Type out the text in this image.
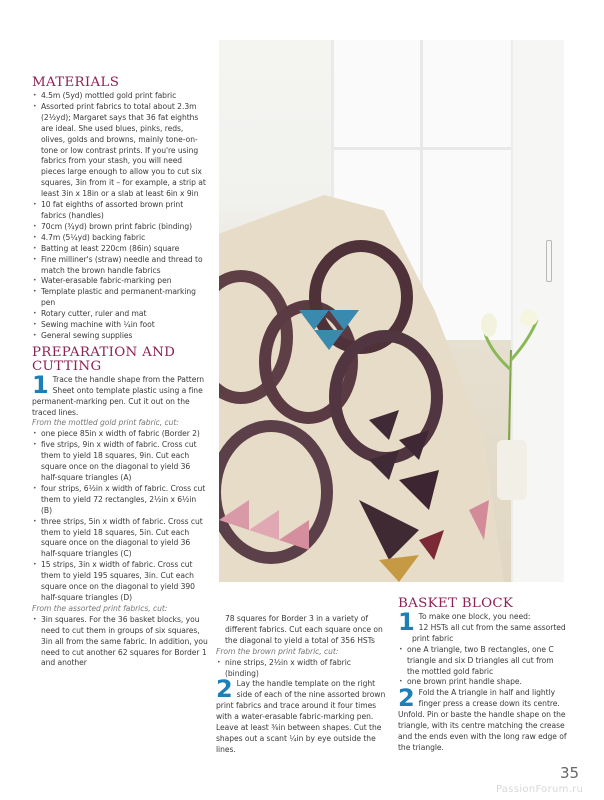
MATERIALS
• 4.5m (5yd) mottled gold print fabric
• Assorted print fabrics to total about 2.3m (2½yd); Margaret says that 36 fat eighths are ideal. She used blues, pinks, reds, olives, golds and browns, mainly tone-on-tone or low contrast prints. If you're using fabrics from your stash, you will need pieces large enough to allow you to cut six squares, 3in from it – for example, a strip at least 3in x 18in or a slab at least 6in x 9in
• 10 fat eighths of assorted brown print fabrics (handles)
• 70cm (¾yd) brown print fabric (binding)
• 4.7m (5¼yd) backing fabric
• Batting at least 220cm (86in) square
• Fine milliner's (straw) needle and thread to match the brown handle fabrics
• Water-erasable fabric-marking pen
• Template plastic and permanent-marking pen
• Rotary cutter, ruler and mat
• Sewing machine with ¼in foot
• General sewing supplies
PREPARATION AND CUTTING

1 Trace the handle shape from the Pattern Sheet onto template plastic using a fine permanent-marking pen. Cut it out on the traced lines.

From the mottled gold print fabric, cut:
• one piece 85in x width of fabric (Border 2)
• five strips, 9in x width of fabric. Cross cut them to yield 18 squares, 9in. Cut each square once on the diagonal to yield 36 half-square triangles (A)
• four strips, 6½in x width of fabric. Cross cut them to yield 72 rectangles, 2½in x 6½in (B)
• three strips, 5in x width of fabric. Cross cut them to yield 18 squares, 5in. Cut each square once on the diagonal to yield 36 half-square triangles (C)
• 15 strips, 3in x width of fabric. Cross cut them to yield 195 squares, 3in. Cut each square once on the diagonal to yield 390 half-square triangles (D)
From the assorted print fabrics, cut:
• 3in squares. For the 36 basket blocks, you need to cut them in groups of six squares, 3in all from the same fabric. In addition, you need to cut another 62 squares for Border 1 and another
78 squares for Border 3 in a variety of different fabrics. Cut each square once on the diagonal to yield a total of 356 HSTs
From the brown print fabric, cut:
• nine strips, 2½in x width of fabric (binding)

2 Lay the handle template on the right side of each of the nine assorted brown print fabrics and trace around it four times with a water-erasable fabric-marking pen. Leave at least ⅜in between shapes. Cut the shapes out a scant ¼in by eye outside the lines.

BASKET BLOCK

1 To make one block, you need:

12 HSTs all cut from the same assorted print fabric
• one A triangle, two B rectangles, one C triangle and six D triangles all cut from the mottled gold fabric
• one brown print handle shape.

2 Fold the A triangle in half and lightly finger press a crease down its centre. Unfold. Pin or baste the handle shape on the triangle, with its centre matching the crease and the ends even with the long raw edge of the triangle.

35
PassionForum.ru
